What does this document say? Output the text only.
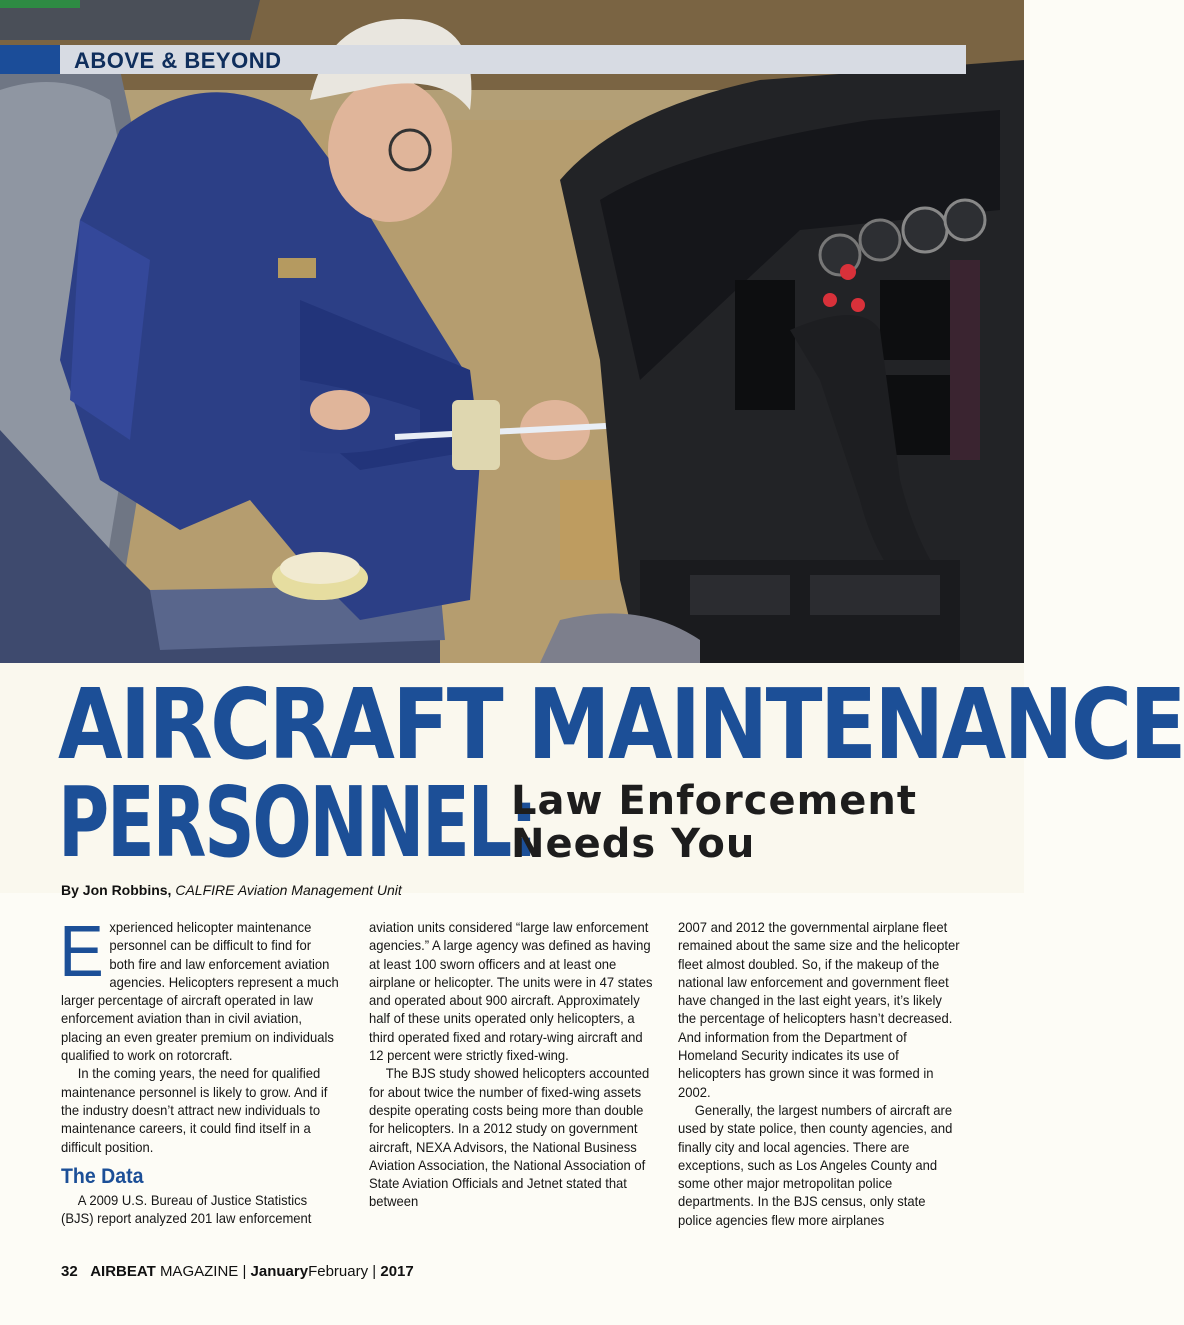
ABOVE & BEYOND
AIRCRAFT MAINTENANCE
PERSONNEL:
Law Enforcement
Needs You
By Jon Robbins, CALFIRE Aviation Management Unit

Experienced helicopter maintenance personnel can be difficult to find for both fire and law enforcement aviation agencies. Helicopters represent a much larger percentage of aircraft operated in law enforcement aviation than in civil aviation, placing an even greater premium on individuals qualified to work on rotorcraft.

In the coming years, the need for qualified maintenance personnel is likely to grow. And if the industry doesn’t attract new individuals to maintenance careers, it could find itself in a difficult position.

The Data

A 2009 U.S. Bureau of Justice Statistics (BJS) report analyzed 201 law enforcement

aviation units considered “large law enforcement agencies.” A large agency was defined as having at least 100 sworn officers and at least one airplane or helicopter. The units were in 47 states and operated about 900 aircraft. Approximately half of these units operated only helicopters, a third operated fixed and rotary-wing aircraft and 12 percent were strictly fixed-wing.

The BJS study showed helicopters accounted for about twice the number of fixed-wing assets despite operating costs being more than double for helicopters. In a 2012 study on government aircraft, NEXA Advisors, the National Business Aviation Association, the National Association of State Aviation Officials and Jetnet stated that between

2007 and 2012 the governmental airplane fleet remained about the same size and the helicopter fleet almost doubled. So, if the makeup of the national law enforcement and government fleet have changed in the last eight years, it’s likely the percentage of helicopters hasn’t decreased. And information from the Department of Homeland Security indicates its use of helicopters has grown since it was formed in 2002.

Generally, the largest numbers of aircraft are used by state police, then county agencies, and finally city and local agencies. There are exceptions, such as Los Angeles County and some other major metropolitan police departments. In the BJS census, only state police agencies flew more airplanes

32 AIRBEAT MAGAZINE | JanuaryFebruary | 2017
